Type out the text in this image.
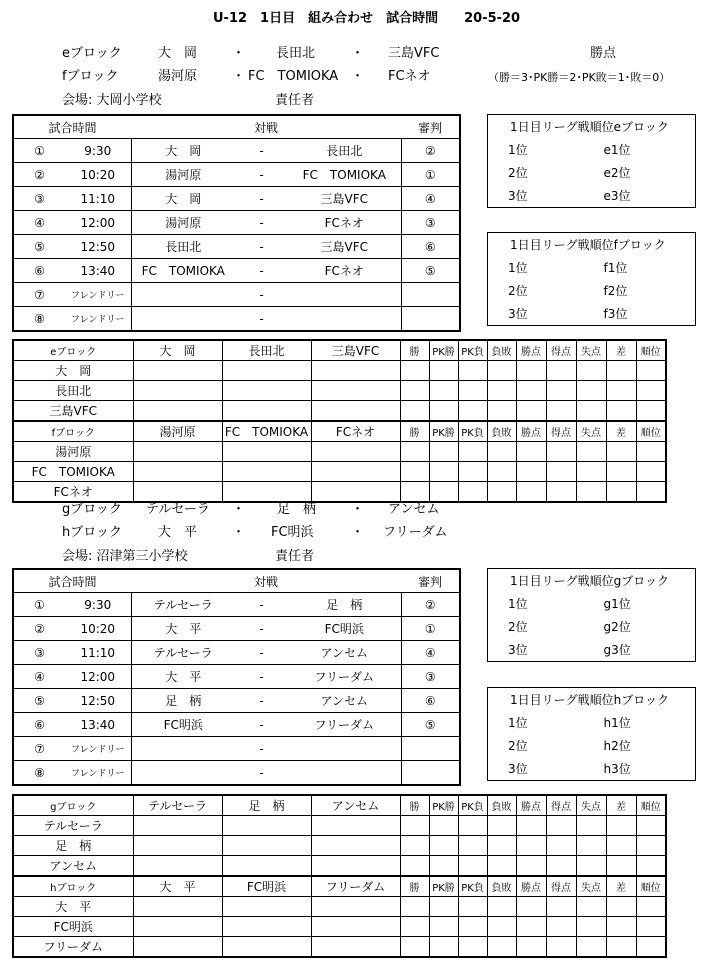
U-12　1日目　組み合わせ　試合時間　　20-5-20
eブロック	大　岡	・ 長田北	・ 三島VFC	勝点
fブロック	湯河原	・ FC　TOMIOKA ・ FCネオ	（勝＝3･PK勝＝2･PK敗＝1･敗＝0）
会場: 大岡小学校	責任者
試合時間		対戦			審判
①	9:30	大　岡	-	長田北	②
②	10:20	湯河原	-	FC　TOMIOKA	①
③	11:10	大　岡	-	三島VFC	④
④	12:00	湯河原	-	FCネオ	③
⑤	12:50	長田北	-	三島VFC	⑥
⑥	13:40	FC　TOMIOKA	-	FCネオ	⑤
⑦	フレンドリー		-		
⑧	フレンドリー		-		
1日目リーグ戦順位eブロック	
1位	e1位
2位	e2位
3位	e3位
1日目リーグ戦順位fブロック	
1位	f1位
2位	f2位
3位	f3位
eブロック	大　岡	長田北	三島VFC	勝	PK勝	PK負	負敗	勝点	得点	失点	差	順位
大　岡												
長田北												
三島VFC												
fブロック	湯河原	FC　TOMIOKA	FCネオ	勝	PK勝	PK負	負敗	勝点	得点	失点	差	順位
湯河原												
FC　TOMIOKA												
FCネオ												
gブロック テルセーラ ・ 足　柄	・ アンセム
hブロック	大　平	・ FC明浜	・ フリーダム
会場: 沼津第三小学校	責任者
試合時間		対戦			審判
①	9:30	テルセーラ	-	足　柄	②
②	10:20	大　平	-	FC明浜	①
③	11:10	テルセーラ	-	アンセム	④
④	12:00	大　平	-	フリーダム	③
⑤	12:50	足　柄	-	アンセム	⑥
⑥	13:40	FC明浜	-	フリーダム	⑤
⑦	フレンドリー		-		
⑧	フレンドリー		-		
1日目リーグ戦順位gブロック	
1位	g1位
2位	g2位
3位	g3位
1日目リーグ戦順位hブロック	
1位	h1位
2位	h2位
3位	h3位
gブロック	テルセーラ	足　柄	アンセム	勝	PK勝	PK負	負敗	勝点	得点	失点	差	順位
テルセーラ												
足　柄												
アンセム												
hブロック	大　平	FC明浜	フリーダム	勝	PK勝	PK負	負敗	勝点	得点	失点	差	順位
大　平												
FC明浜												
フリーダム												
